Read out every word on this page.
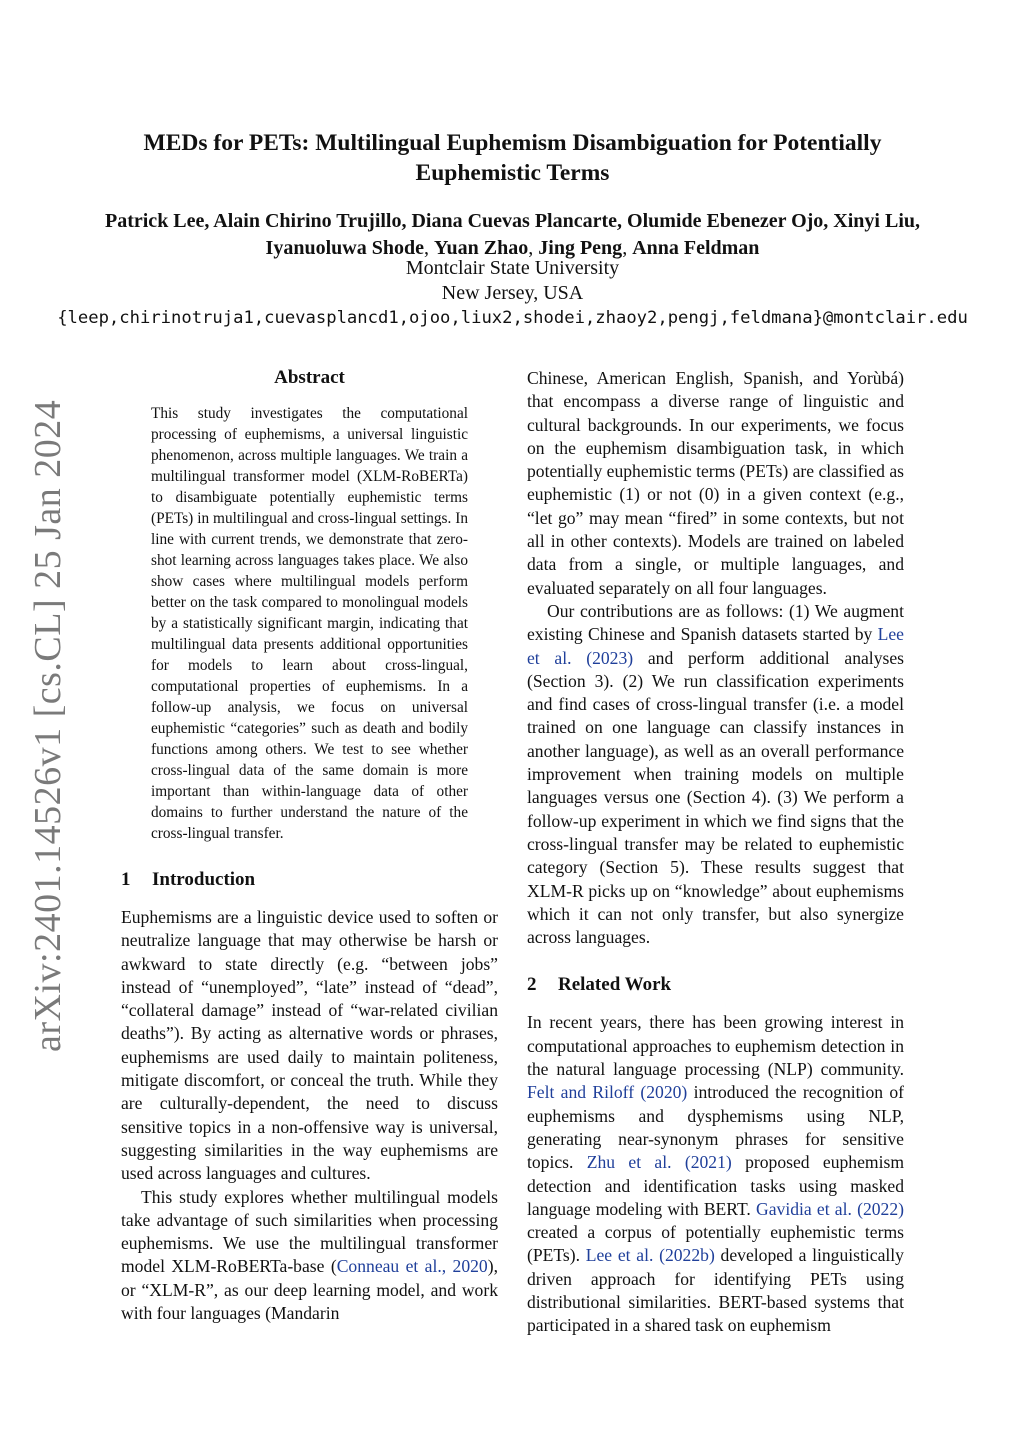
arXiv:2401.14526v1 [cs.CL] 25 Jan 2024
MEDs for PETs: Multilingual Euphemism Disambiguation for Potentially Euphemistic Terms
Patrick Lee, Alain Chirino Trujillo, Diana Cuevas Plancarte, Olumide Ebenezer Ojo, Xinyi Liu,
Iyanuoluwa Shode, Yuan Zhao, Jing Peng, Anna Feldman
Montclair State University
New Jersey, USA
{leep,chirinotruja1,cuevasplancd1,ojoo,liux2,shodei,zhaoy2,pengj,feldmana}@montclair.edu
Abstract
This study investigates the computational processing of euphemisms, a universal linguistic phenomenon, across multiple languages. We train a multilingual transformer model (XLM-RoBERTa) to disambiguate potentially euphemistic terms (PETs) in multilingual and cross-lingual settings. In line with current trends, we demonstrate that zero-shot learning across languages takes place. We also show cases where multilingual models perform better on the task compared to monolingual models by a statistically significant margin, indicating that multilingual data presents additional opportunities for models to learn about cross-lingual, computational properties of euphemisms. In a follow-up analysis, we focus on universal euphemistic “categories” such as death and bodily functions among others. We test to see whether cross-lingual data of the same domain is more important than within-language data of other domains to further understand the nature of the cross-lingual transfer.
1 Introduction

Euphemisms are a linguistic device used to soften or neutralize language that may otherwise be harsh or awkward to state directly (e.g. “between jobs” instead of “unemployed”, “late” instead of “dead”, “collateral damage” instead of “war-related civilian deaths”). By acting as alternative words or phrases, euphemisms are used daily to maintain politeness, mitigate discomfort, or conceal the truth. While they are culturally-dependent, the need to discuss sensitive topics in a non-offensive way is universal, suggesting similarities in the way euphemisms are used across languages and cultures.

This study explores whether multilingual models take advantage of such similarities when processing euphemisms. We use the multilingual transformer model XLM-RoBERTa-base (Conneau et al., 2020), or “XLM-R”, as our deep learning model, and work with four languages (Mandarin

Chinese, American English, Spanish, and Yorùbá) that encompass a diverse range of linguistic and cultural backgrounds. In our experiments, we focus on the euphemism disambiguation task, in which potentially euphemistic terms (PETs) are classified as euphemistic (1) or not (0) in a given context (e.g., “let go” may mean “fired” in some contexts, but not all in other contexts). Models are trained on labeled data from a single, or multiple languages, and evaluated separately on all four languages.

Our contributions are as follows: (1) We augment existing Chinese and Spanish datasets started by Lee et al. (2023) and perform additional analyses (Section 3). (2) We run classification experiments and find cases of cross-lingual transfer (i.e. a model trained on one language can classify instances in another language), as well as an overall performance improvement when training models on multiple languages versus one (Section 4). (3) We perform a follow-up experiment in which we find signs that the cross-lingual transfer may be related to euphemistic category (Section 5). These results suggest that XLM-R picks up on “knowledge” about euphemisms which it can not only transfer, but also synergize across languages.

2 Related Work

In recent years, there has been growing interest in computational approaches to euphemism detection in the natural language processing (NLP) community. Felt and Riloff (2020) introduced the recognition of euphemisms and dysphemisms using NLP, generating near-synonym phrases for sensitive topics. Zhu et al. (2021) proposed euphemism detection and identification tasks using masked language modeling with BERT. Gavidia et al. (2022) created a corpus of potentially euphemistic terms (PETs). Lee et al. (2022b) developed a linguistically driven approach for identifying PETs using distributional similarities. BERT-based systems that participated in a shared task on euphemism
